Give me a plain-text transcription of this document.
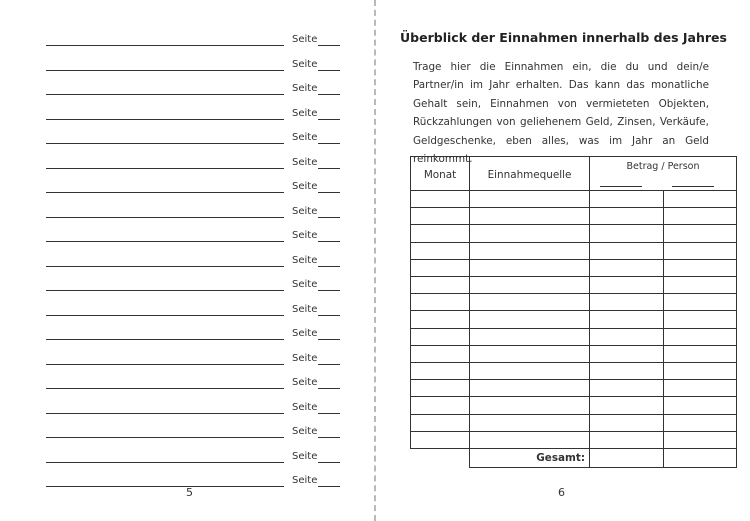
Seite
Seite
Seite
Seite
Seite
Seite
Seite
Seite
Seite
Seite
Seite
Seite
Seite
Seite
Seite
Seite
Seite
Seite
Seite
5
Überblick der Einnahmen innerhalb des Jahres

Trage hier die Einnahmen ein, die du und dein/e Partner/in im Jahr erhalten. Das kann das monatliche Gehalt sein, Einnahmen von vermieteten Objekten, Rückzahlungen von geliehenem Geld, Zinsen, Verkäufe, Geldgeschenke, eben alles, was im Jahr an Geld reinkommt.

Monat	Einnahmequelle
Betrag / Person
Gesamt:
6
